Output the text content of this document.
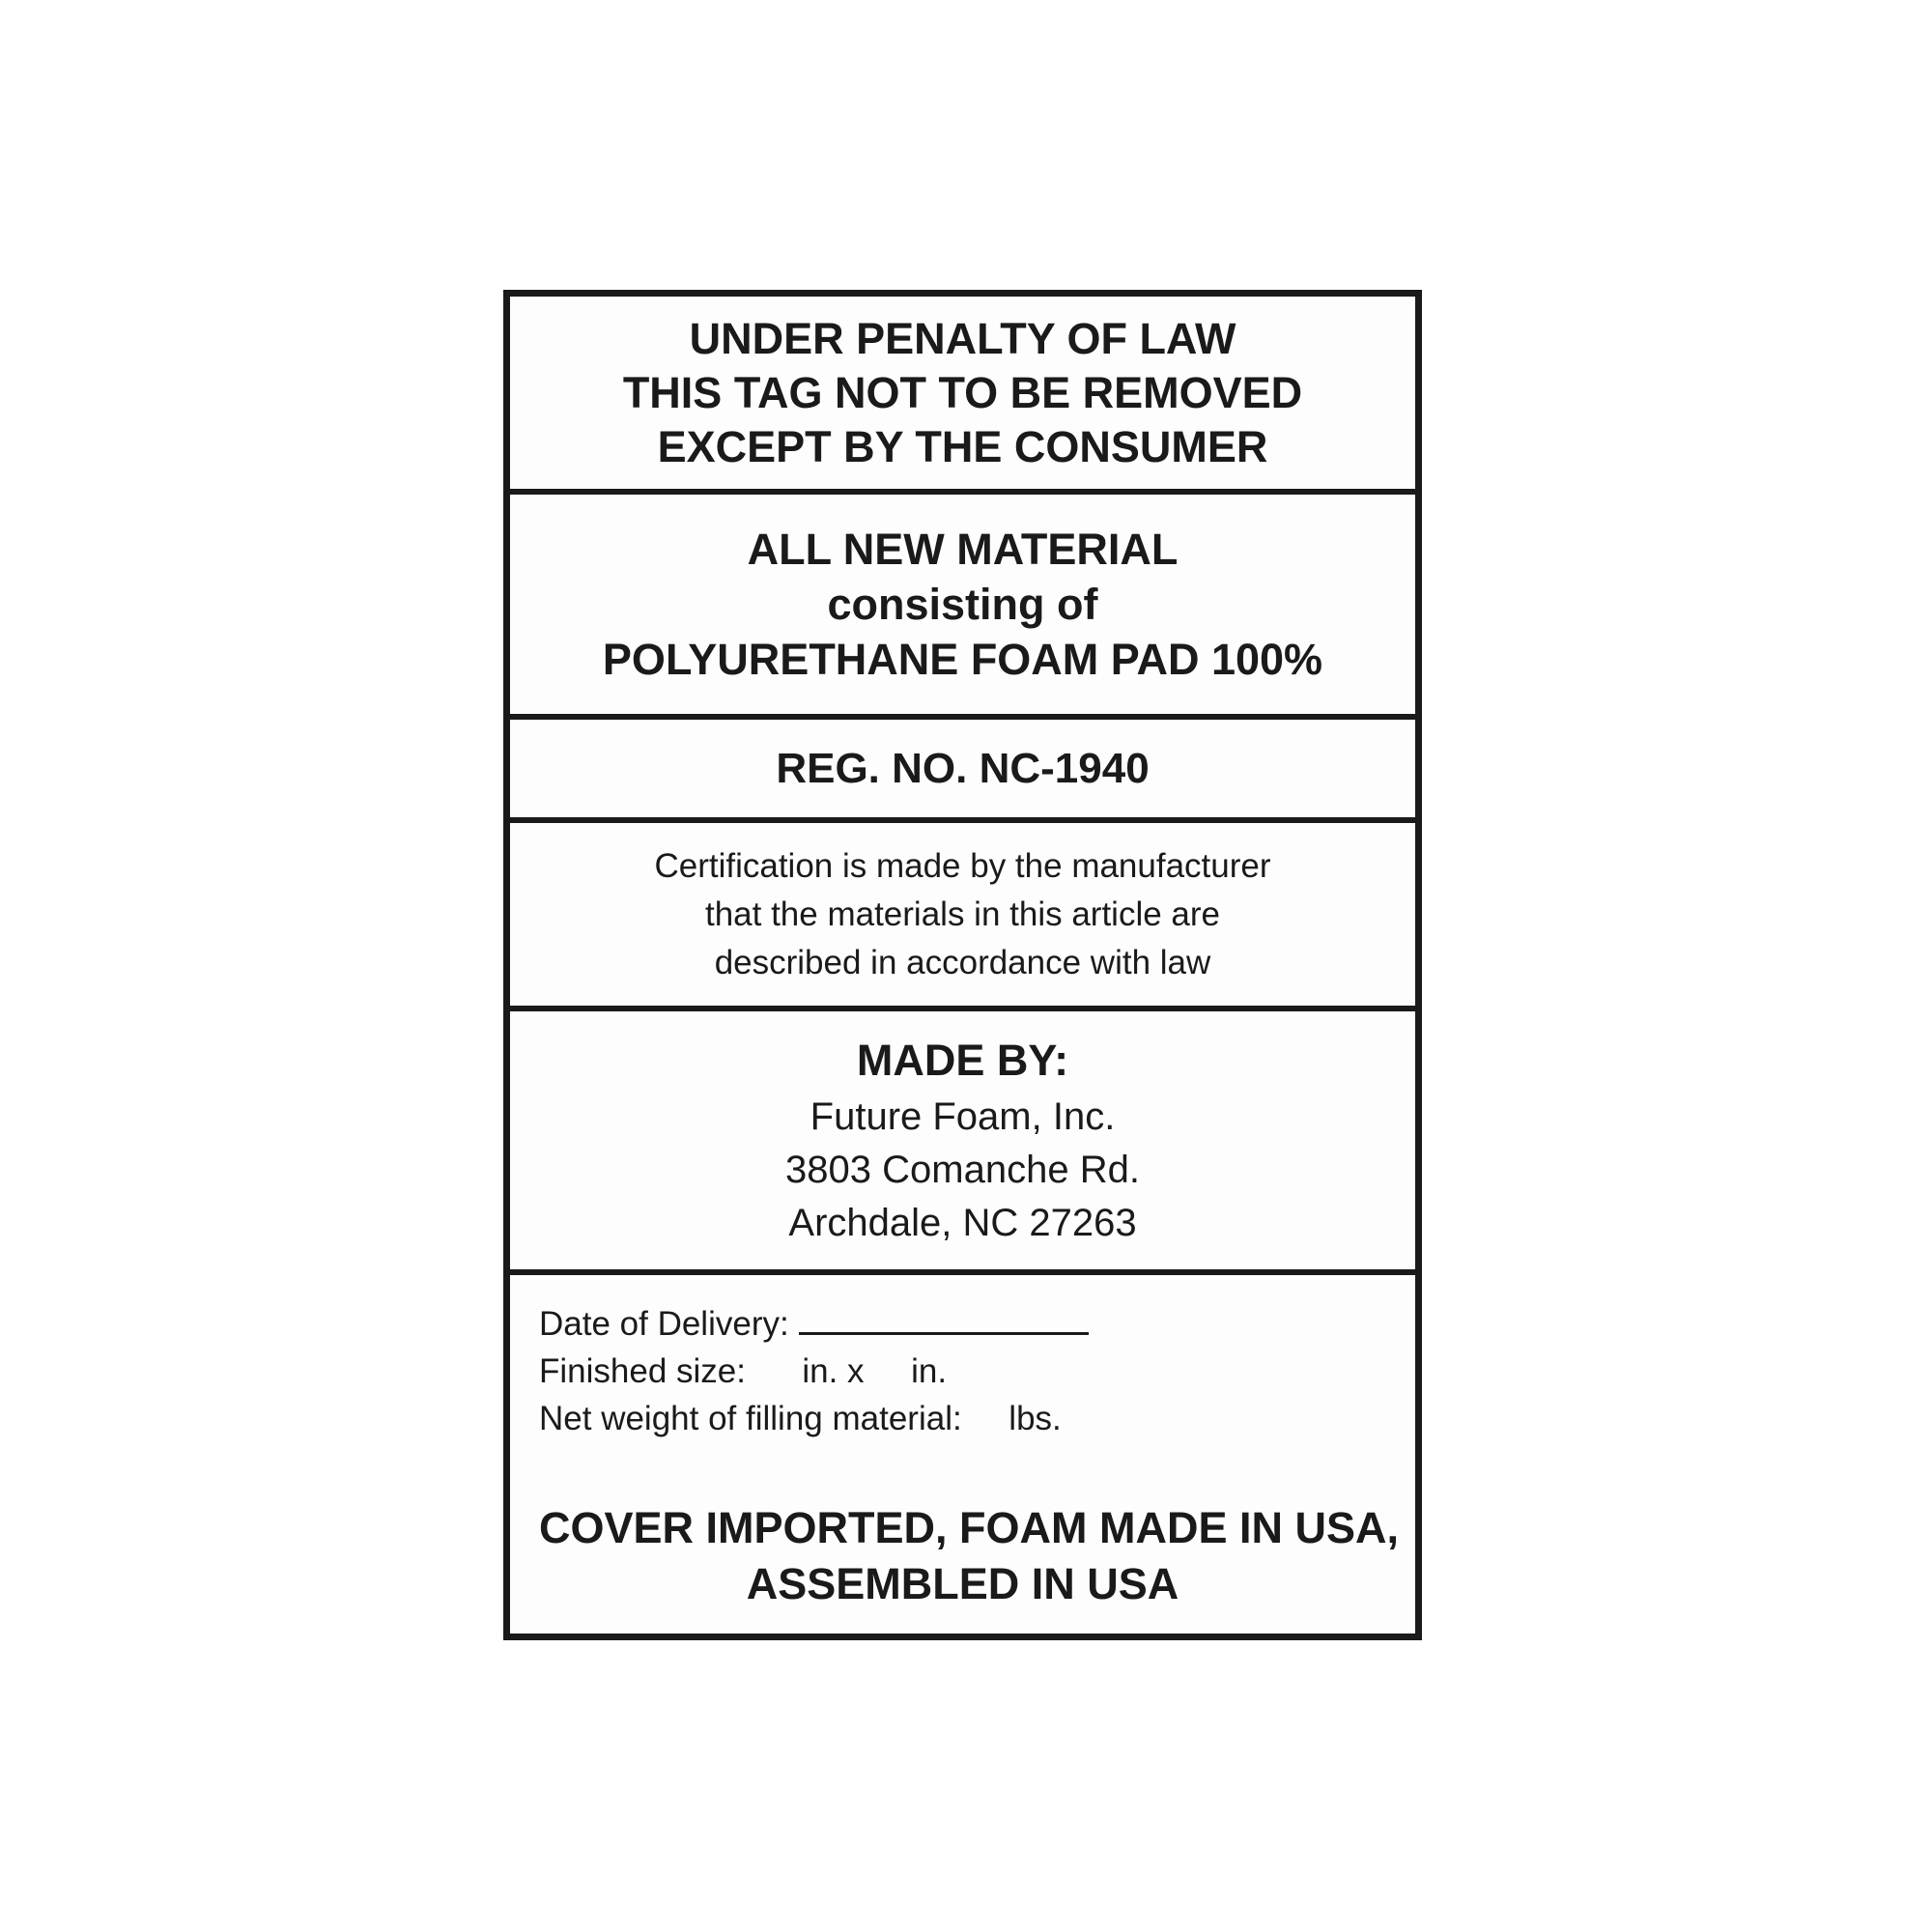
UNDER PENALTY OF LAW
THIS TAG NOT TO BE REMOVED
EXCEPT BY THE CONSUMER
ALL NEW MATERIAL
consisting of
POLYURETHANE FOAM PAD 100%
REG. NO. NC-1940
Certification is made by the manufacturer
that the materials in this article are
described in accordance with law
MADE BY:
Future Foam, Inc.
3803 Comanche Rd.
Archdale, NC 27263
Date of Delivery:
Finished size:      in. x     in.
Net weight of filling material:     lbs.
COVER IMPORTED, FOAM MADE IN USA,
ASSEMBLED IN USA
